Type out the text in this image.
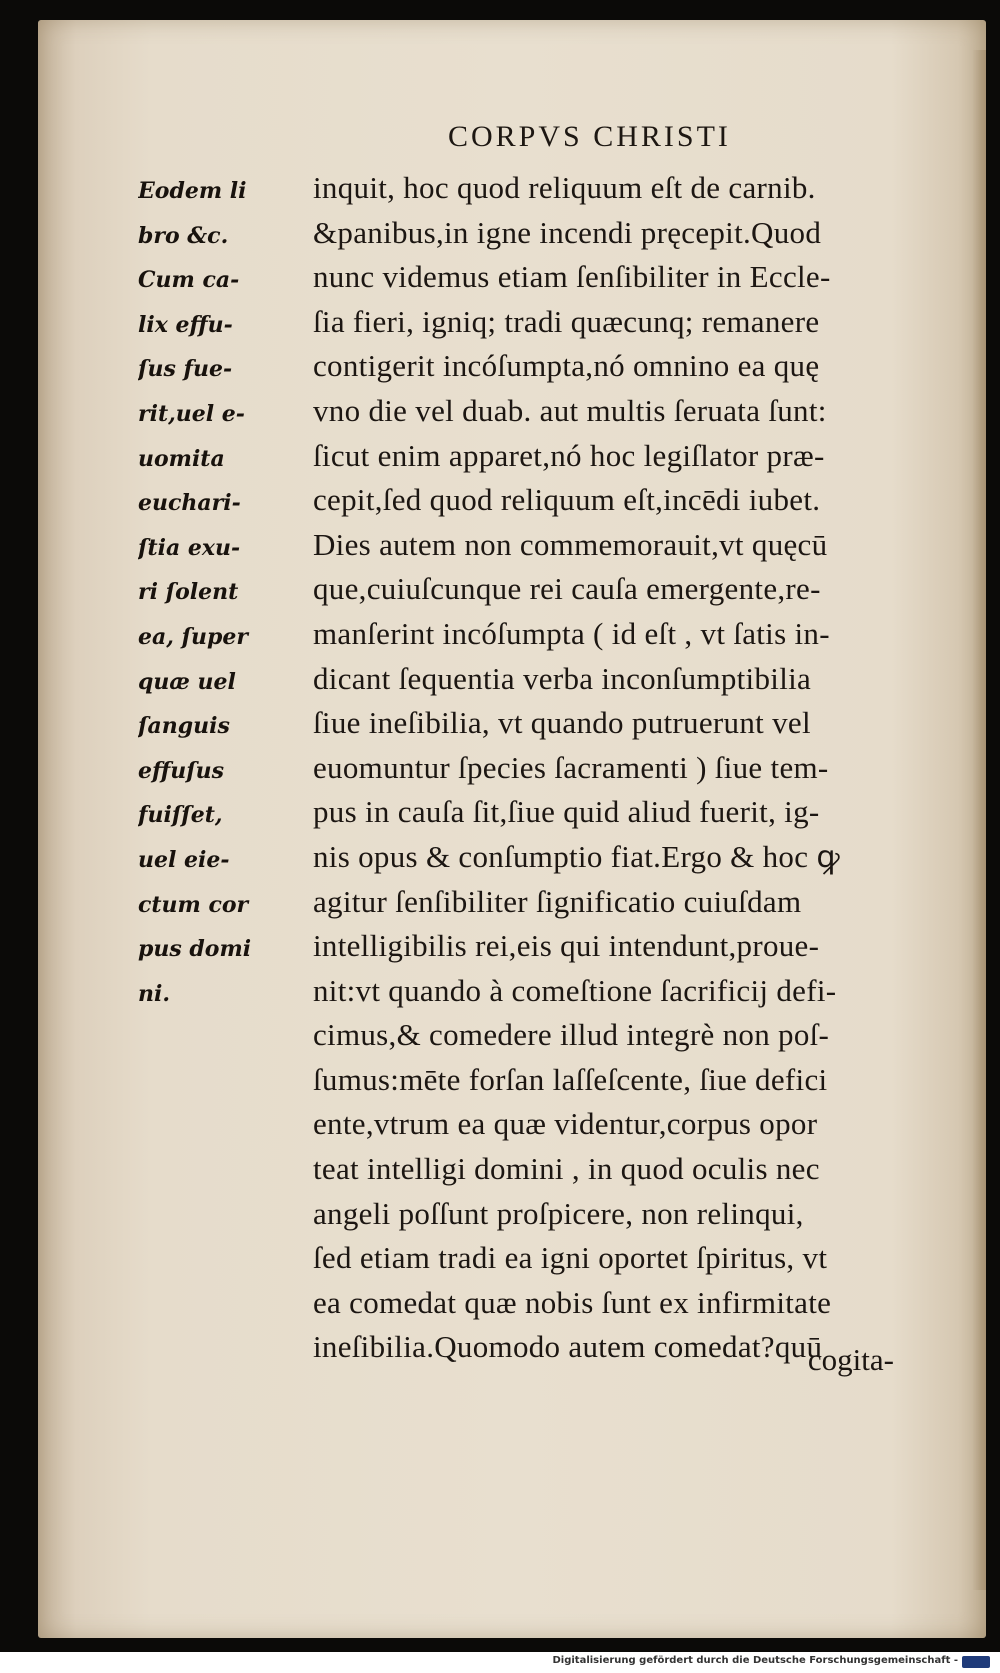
CORPVS CHRISTI
Eodem li	inquit, hoc quod reliquum eſt de carnib.
bro &c.	&panibus,in igne incendi pręcepit.Quod
Cum ca-	nunc videmus etiam ſenſibiliter in Eccle-
lix effu-	ſia fieri, igniq; tradi quæcunq; remanere
ſus fue-	contigerit incóſumpta,nó omnino ea quę
rit,uel e-	vno die vel duab. aut multis ſeruata ſunt:
uomita	ſicut enim apparet,nó hoc legiſlator præ-
euchari-	cepit,ſed quod reliquum eſt,incēdi iubet.
ſtia exu-	Dies autem non commemorauit,vt quęcū
ri ſolent	que,cuiuſcunque rei cauſa emergente,re-
ea, ſuper	manſerint incóſumpta ( id eſt , vt ſatis in-
quæ uel	dicant ſequentia verba inconſumptibilia
ſanguis	ſiue ineſibilia, vt quando putruerunt vel
effuſus	euomuntur ſpecies ſacramenti ) ſiue tem-
fuiſſet,	pus in cauſa ſit,ſiue quid aliud fuerit, ig-
uel eie-	nis opus & conſumptio fiat.Ergo & hoc ꝙ
ctum cor	agitur ſenſibiliter ſignificatio cuiuſdam
pus domi	intelligibilis rei,eis qui intendunt,proue-
ni.	nit:vt quando à comeſtione ſacrificij defi-
cimus,& comedere illud integrè non poſ-
ſumus:mēte forſan laſſeſcente, ſiue defici
ente,vtrum ea quæ videntur,corpus opor
teat intelligi domini , in quod oculis nec
angeli poſſunt proſpicere, non relinqui,
ſed etiam tradi ea igni oportet ſpiritus, vt
ea comedat quæ nobis ſunt ex infirmitate
ineſibilia.Quomodo autem comedat?quū
cogita-
Digitalisierung gefördert durch die Deutsche Forschungsgemeinschaft -
